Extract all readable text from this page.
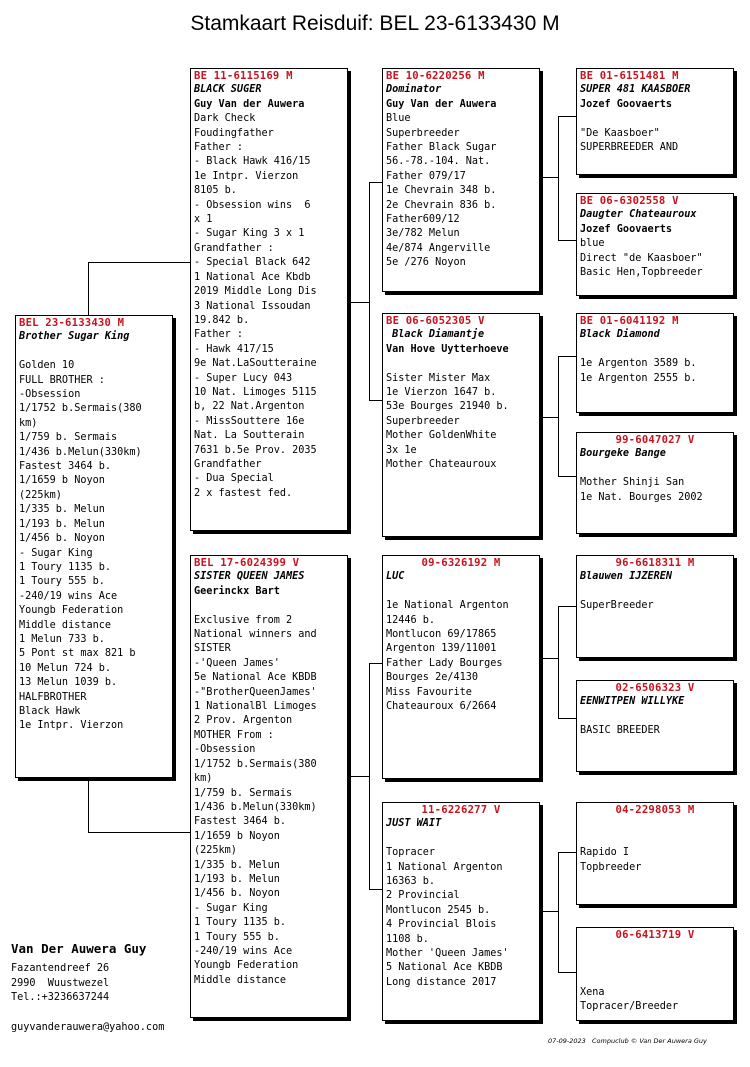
Stamkaart Reisduif: BEL 23-6133430 M
BEL 23-6133430 M
Brother Sugar King

Golden 10
FULL BROTHER :
-Obsession
1/1752 b.Sermais(380
km)
1/759 b. Sermais
1/436 b.Melun(330km)
Fastest 3464 b.
1/1659 b Noyon
(225km)
1/335 b. Melun
1/193 b. Melun
1/456 b. Noyon
- Sugar King
1 Toury 1135 b.
1 Toury 555 b.
-240/19 wins Ace
Youngb Federation
Middle distance
1 Melun 733 b.
5 Pont st max 821 b
10 Melun 724 b.
13 Melun 1039 b.
HALFBROTHER
Black Hawk
1e Intpr. Vierzon
BE 11-6115169 M
BLACK SUGER
Guy Van der Auwera
Dark Check
Foudingfather
Father :
- Black Hawk 416/15
1e Intpr. Vierzon
8105 b.
- Obsession wins  6
x 1
- Sugar King 3 x 1
Grandfather :
- Special Black 642
1 National Ace Kbdb
2019 Middle Long Dis
3 National Issoudan
19.842 b.
Father :
- Hawk 417/15
9e Nat.LaSoutteraine
- Super Lucy 043
10 Nat. Limoges 5115
b, 22 Nat.Argenton
- MissSouttere 16e
Nat. La Soutterain
7631 b.5e Prov. 2035
Grandfather
- Dua Special
2 x fastest fed.
BEL 17-6024399 V
SISTER QUEEN JAMES
Geerinckx Bart

Exclusive from 2
National winners and
SISTER
-'Queen James'
5e National Ace KBDB
-"BrotherQueenJames'
1 NationalBl Limoges
2 Prov. Argenton
MOTHER From :
-Obsession
1/1752 b.Sermais(380
km)
1/759 b. Sermais
1/436 b.Melun(330km)
Fastest 3464 b.
1/1659 b Noyon
(225km)
1/335 b. Melun
1/193 b. Melun
1/456 b. Noyon
- Sugar King
1 Toury 1135 b.
1 Toury 555 b.
-240/19 wins Ace
Youngb Federation
Middle distance
BE 10-6220256 M
Dominator
Guy Van der Auwera
Blue
Superbreeder
Father Black Sugar
56.-78.-104. Nat.
Father 079/17
1e Chevrain 348 b.
2e Chevrain 836 b.
Father609/12
3e/782 Melun
4e/874 Angerville
5e /276 Noyon
BE 06-6052305 V
Black Diamantje
Van Hove Uytterhoeve

Sister Mister Max
1e Vierzon 1647 b.
53e Bourges 21940 b.
Superbreeder
Mother GoldenWhite
3x 1e
Mother Chateauroux
09-6326192 M
LUC

1e National Argenton
12446 b.
Montlucon 69/17865
Argenton 139/11001
Father Lady Bourges
Bourges 2e/4130
Miss Favourite
Chateauroux 6/2664
11-6226277 V
JUST WAIT

Topracer
1 National Argenton
16363 b.
2 Provincial
Montlucon 2545 b.
4 Provincial Blois
1108 b.
Mother 'Queen James'
5 National Ace KBDB
Long distance 2017
BE 01-6151481 M
SUPER 481 KAASBOER
Jozef Goovaerts

"De Kaasboer"
SUPERBREEDER AND
BE 06-6302558 V
Daugter Chateauroux
Jozef Goovaerts
blue
Direct "de Kaasboer"
Basic Hen,Topbreeder
BE 01-6041192 M
Black Diamond

1e Argenton 3589 b.
1e Argenton 2555 b.
99-6047027 V
Bourgeke Bange

Mother Shinji San
1e Nat. Bourges 2002
96-6618311 M
Blauwen IJZEREN

SuperBreeder
02-6506323 V
EENWITPEN WILLYKE

BASIC BREEDER
04-2298053 M

Rapido I
Topbreeder
06-6413719 V

Xena
Topracer/Breeder
Van Der Auwera Guy
Fazantendreef 26
2990  Wuustwezel
Tel.:+3236637244
guyvanderauwera@yahoo.com
07-09-2023   Compuclub © Van Der Auwera Guy
